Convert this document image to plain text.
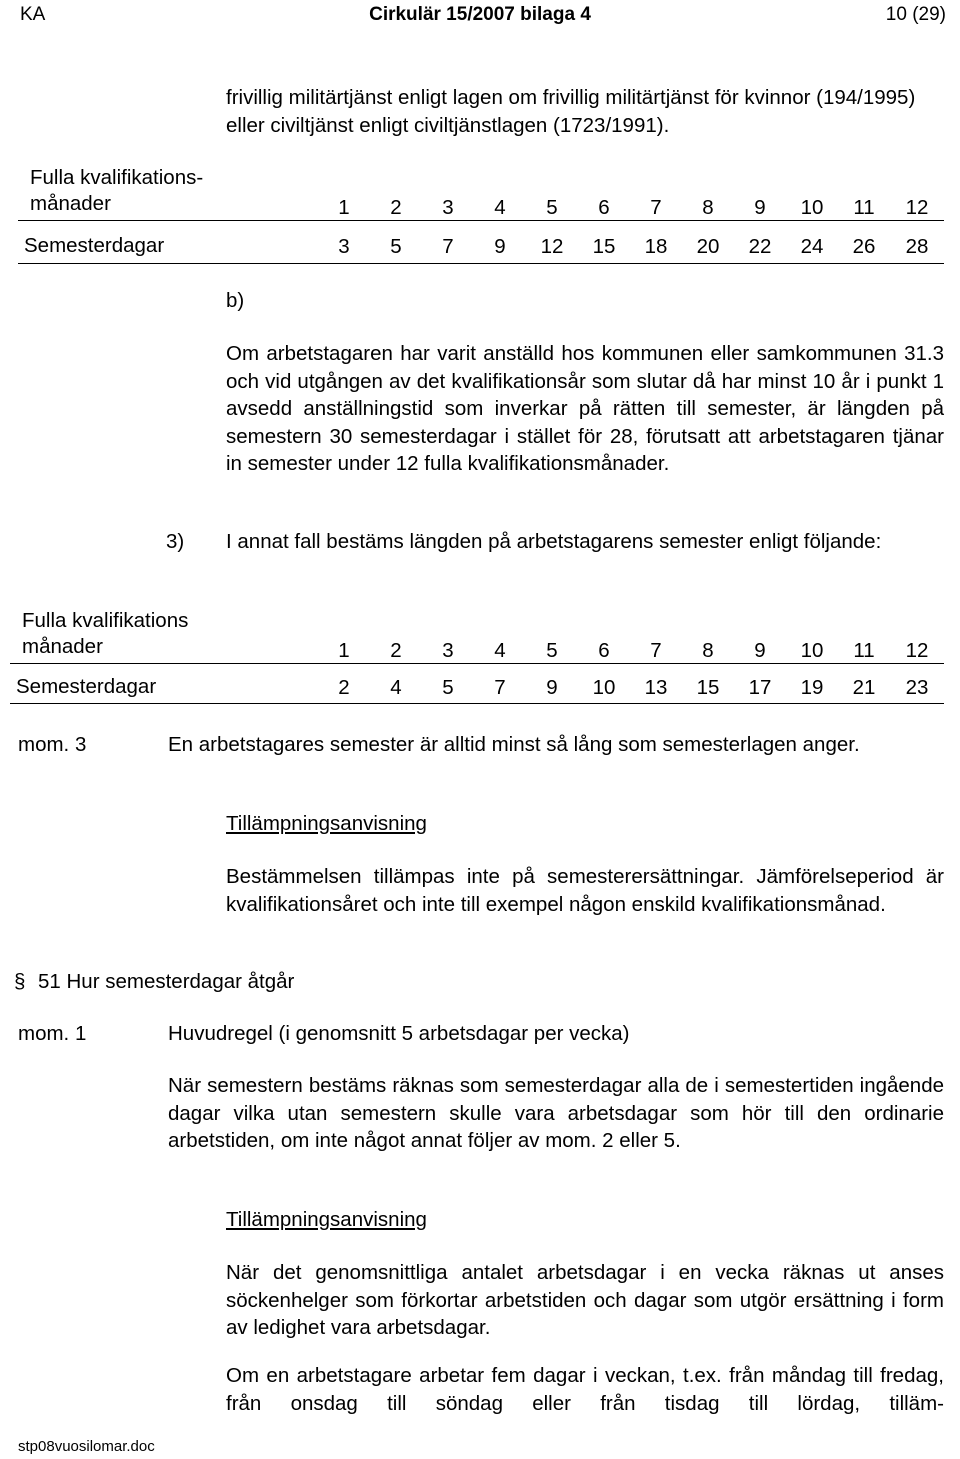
KA	Cirkulär 15/2007 bilaga 4	10 (29)
frivillig militärtjänst enligt lagen om frivillig militärtjänst för kvinnor (194/1995) eller civiltjänst enligt civiltjänstlagen (1723/1991).
Fulla kvalifikations-
månader	1	2	3	4	5	6	7	8	9	10	11	12
Semesterdagar	3	5	7	9	12	15	18	20	22	24	26	28
b)
Om arbetstagaren har varit anställd hos kommunen eller samkommunen 31.3 och vid utgången av det kvalifikationsår som slutar då har minst 10 år i punkt 1 avsedd anställningstid som inverkar på rätten till semester, är längden på semestern 30 semesterdagar i stället för 28, förutsatt att arbetstagaren tjänar in semester under 12 fulla kvalifikationsmånader.
3) I annat fall bestäms längden på arbetstagarens semester enligt följande:
Fulla kvalifikations
månader	1	2	3	4	5	6	7	8	9	10	11	12
Semesterdagar	2	4	5	7	9	10	13	15	17	19	21	23
mom. 3	En arbetstagares semester är alltid minst så lång som semesterlagen anger.
Tillämpningsanvisning
Bestämmelsen tillämpas inte på semesterersättningar. Jämförelseperiod är kvalifikationsåret och inte till exempel någon enskild kvalifikationsmånad.
§ 51 Hur semesterdagar åtgår
mom. 1	Huvudregel (i genomsnitt 5 arbetsdagar per vecka)
När semestern bestäms räknas som semesterdagar alla de i semestertiden ingående dagar vilka utan semestern skulle vara arbetsdagar som hör till den ordinarie arbetstiden, om inte något annat följer av mom. 2 eller 5.
Tillämpningsanvisning
När det genomsnittliga antalet arbetsdagar i en vecka räknas ut anses söckenhelger som förkortar arbetstiden och dagar som utgör ersättning i form av ledighet vara arbetsdagar.
Om en arbetstagare arbetar fem dagar i veckan, t.ex. från måndag till fredag, från onsdag till söndag eller från tisdag till lördag, tilläm-
stp08vuosilomar.doc
